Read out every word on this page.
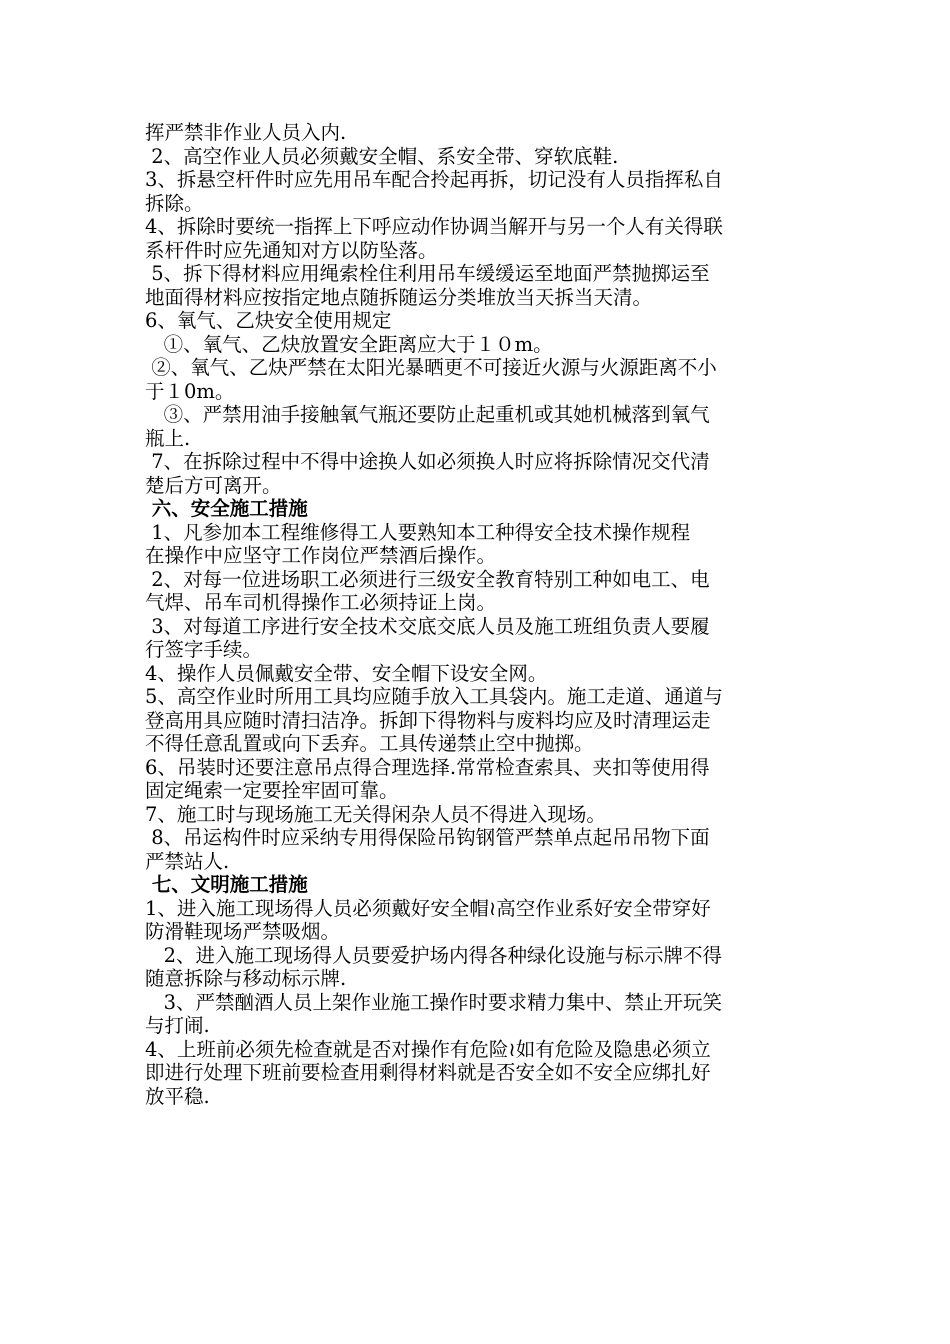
挥严禁非作业人员入内.
2、高空作业人员必须戴安全帽、系安全带、穿软底鞋.
3、拆悬空杆件时应先用吊车配合拎起再拆，切记没有人员指挥私自
拆除。
4、拆除时要统一指挥上下呼应动作协调当解开与另一个人有关得联
系杆件时应先通知对方以防坠落。
5、拆下得材料应用绳索栓住利用吊车缓缓运至地面严禁抛掷运至
地面得材料应按指定地点随拆随运分类堆放当天拆当天清。
6、氧气、乙炔安全使用规定
①、氧气、乙炔放置安全距离应大于１０m。
②、氧气、乙炔严禁在太阳光暴晒更不可接近火源与火源距离不小
于１0m。
③、严禁用油手接触氧气瓶还要防止起重机或其她机械落到氧气
瓶上.
7、在拆除过程中不得中途换人如必须换人时应将拆除情况交代清
楚后方可离开。
六、安全施工措施
1、凡参加本工程维修得工人要熟知本工种得安全技术操作规程
在操作中应坚守工作岗位严禁酒后操作。
2、对每一位进场职工必须进行三级安全教育特别工种如电工、电
气焊、吊车司机得操作工必须持证上岗。
3、对每道工序进行安全技术交底交底人员及施工班组负责人要履
行签字手续。
4、操作人员佩戴安全带、安全帽下设安全网。
5、高空作业时所用工具均应随手放入工具袋内。施工走道、通道与
登高用具应随时清扫洁净。拆卸下得物料与废料均应及时清理运走
不得任意乱置或向下丢弃。工具传递禁止空中抛掷。
6、吊装时还要注意吊点得合理选择.常常检查索具、夹扣等使用得
固定绳索一定要拴牢固可靠。
7、施工时与现场施工无关得闲杂人员不得进入现场。
8、吊运构件时应采纳专用得保险吊钩钢管严禁单点起吊吊物下面
严禁站人.
七、文明施工措施
1、进入施工现场得人员必须戴好安全帽≀高空作业系好安全带穿好
防滑鞋现场严禁吸烟。
2、进入施工现场得人员要爱护场内得各种绿化设施与标示牌不得
随意拆除与移动标示牌.
3、严禁酗酒人员上架作业施工操作时要求精力集中、禁止开玩笑
与打闹.
4、上班前必须先检查就是否对操作有危险≀如有危险及隐患必须立
即进行处理下班前要检查用剩得材料就是否安全如不安全应绑扎好
放平稳.
